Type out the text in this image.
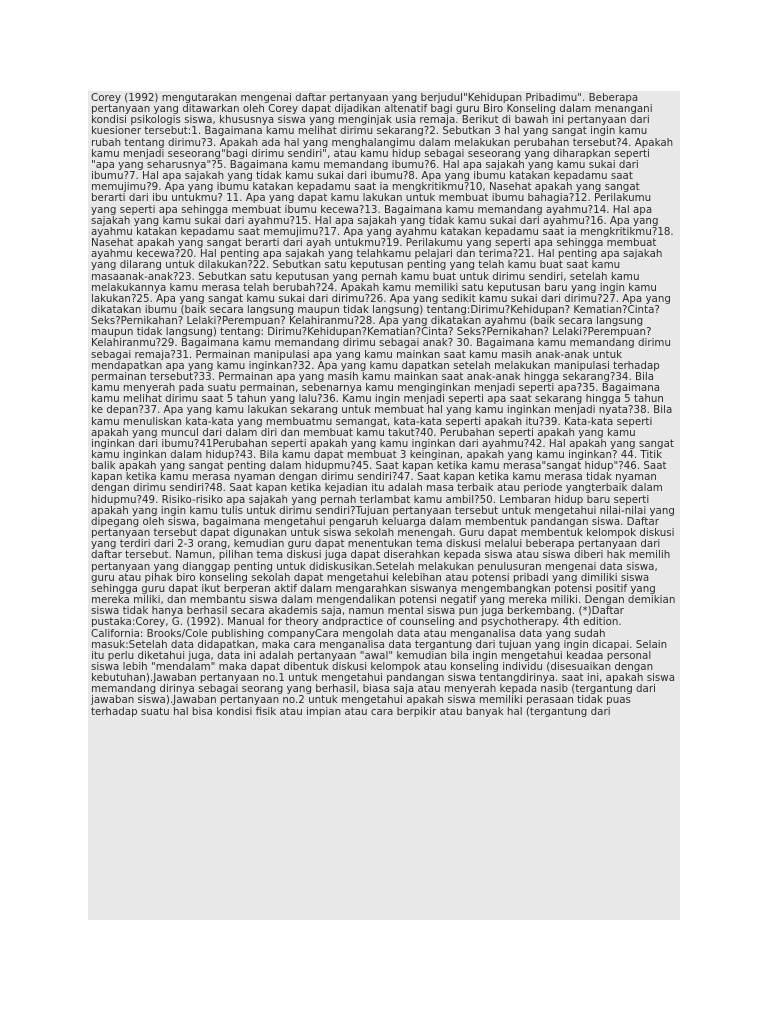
Corey (1992) mengutarakan mengenai daftar pertanyaan yang berjudul"Kehidupan Pribadimu". Beberapa pertanyaan yang ditawarkan oleh Corey dapat dijadikan altenatif bagi guru Biro Konseling dalam menangani kondisi psikologis siswa, khususnya siswa yang menginjak usia remaja. Berikut di bawah ini pertanyaan dari kuesioner tersebut:1. Bagaimana kamu melihat dirimu sekarang?2. Sebutkan 3 hal yang sangat ingin kamu rubah tentang dirimu?3. Apakah ada hal yang menghalangimu dalam melakukan perubahan tersebut?4. Apakah kamu menjadi seseorang"bagi dirimu sendiri", atau kamu hidup sebagai seseorang yang diharapkan seperti "apa yang seharusnya"?5. Bagaimana kamu memandang ibumu?6. Hal apa sajakah yang kamu sukai dari ibumu?7. Hal apa sajakah yang tidak kamu sukai dari ibumu?8. Apa yang ibumu katakan kepadamu saat memujimu?9. Apa yang ibumu katakan kepadamu saat ia mengkritikmu?10, Nasehat apakah yang sangat berarti dari ibu untukmu? 11. Apa yang dapat kamu lakukan untuk membuat ibumu bahagia?12. Perilakumu yang seperti apa sehingga membuat ibumu kecewa?13. Bagaimana kamu memandang ayahmu?14. Hal apa sajakah yang kamu sukai dari ayahmu?15. Hal apa sajakah yang tidak kamu sukai dari ayahmu?16. Apa yang ayahmu katakan kepadamu saat memujimu?17. Apa yang ayahmu katakan kepadamu saat ia mengkritikmu?18. Nasehat apakah yang sangat berarti dari ayah untukmu?19. Perilakumu yang seperti apa sehingga membuat ayahmu kecewa?20. Hal penting apa sajakah yang telahkamu pelajari dan terima?21. Hal penting apa sajakah yang dilarang untuk dilakukan?22. Sebutkan satu keputusan penting yang telah kamu buat saat kamu masaanak-anak?23. Sebutkan satu keputusan yang pernah kamu buat untuk dirimu sendiri, setelah kamu melakukannya kamu merasa telah berubah?24. Apakah kamu memiliki satu keputusan baru yang ingin kamu lakukan?25. Apa yang sangat kamu sukai dari dirimu?26. Apa yang sedikit kamu sukai dari dirimu?27. Apa yang dikatakan ibumu (baik secara langsung maupun tidak langsung) tentang:Dirimu?Kehidupan? Kematian?Cinta? Seks?Pernikahan? Lelaki?Perempuan? Kelahiranmu?28. Apa yang dikatakan ayahmu (baik secara langsung maupun tidak langsung) tentang: Dirimu?Kehidupan?Kematian?Cinta? Seks?Pernikahan? Lelaki?Perempuan? Kelahiranmu?29. Bagaimana kamu memandang dirimu sebagai anak? 30. Bagaimana kamu memandang dirimu sebagai remaja?31. Permainan manipulasi apa yang kamu mainkan saat kamu masih anak-anak untuk mendapatkan apa yang kamu inginkan?32. Apa yang kamu dapatkan setelah melakukan manipulasi terhadap permainan tersebut?33. Permainan apa yang masih kamu mainkan saat anak-anak hingga sekarang?34. Bila kamu menyerah pada suatu permainan, sebenarnya kamu menginginkan menjadi seperti apa?35. Bagaimana kamu melihat dirimu saat 5 tahun yang lalu?36. Kamu ingin menjadi seperti apa saat sekarang hingga 5 tahun ke depan?37. Apa yang kamu lakukan sekarang untuk membuat hal yang kamu inginkan menjadi nyata?38. Bila kamu menuliskan kata-kata yang membuatmu semangat, kata-kata seperti apakah itu?39. Kata-kata seperti apakah yang muncul dari dalam diri dan membuat kamu takut?40. Perubahan seperti apakah yang kamu inginkan dari ibumu?41Perubahan seperti apakah yang kamu inginkan dari ayahmu?42. Hal apakah yang sangat kamu inginkan dalam hidup?43. Bila kamu dapat membuat 3 keinginan, apakah yang kamu inginkan? 44. Titik balik apakah yang sangat penting dalam hidupmu?45. Saat kapan ketika kamu merasa"sangat hidup"?46. Saat kapan ketika kamu merasa nyaman dengan dirimu sendiri?47. Saat kapan ketika kamu merasa tidak nyaman dengan dirimu sendiri?48. Saat kapan ketika kejadian itu adalah masa terbaik atau periode yangterbaik dalam hidupmu?49. Risiko-risiko apa sajakah yang pernah terlambat kamu ambil?50. Lembaran hidup baru seperti apakah yang ingin kamu tulis untuk dirimu sendiri?Tujuan pertanyaan tersebut untuk mengetahui nilai-nilai yang dipegang oleh siswa, bagaimana mengetahui pengaruh keluarga dalam membentuk pandangan siswa. Daftar pertanyaan tersebut dapat digunakan untuk siswa sekolah menengah. Guru dapat membentuk kelompok diskusi yang terdiri dari 2-3 orang, kemudian guru dapat menentukan tema diskusi melalui beberapa pertanyaan dari daftar tersebut. Namun, pilihan tema diskusi juga dapat diserahkan kepada siswa atau siswa diberi hak memilih pertanyaan yang dianggap penting untuk didiskusikan.Setelah melakukan penulusuran mengenai data siswa, guru atau pihak biro konseling sekolah dapat mengetahui kelebihan atau potensi pribadi yang dimiliki siswa sehingga guru dapat ikut berperan aktif dalam mengarahkan siswanya mengembangkan potensi positif yang mereka miliki, dan membantu siswa dalam mengendalikan potensi negatif yang mereka miliki. Dengan demikian siswa tidak hanya berhasil secara akademis saja, namun mental siswa pun juga berkembang. (*)Daftar pustaka:Corey, G. (1992). Manual for theory andpractice of counseling and psychotherapy. 4th edition. California: Brooks/Cole publishing companyCara mengolah data atau menganalisa data yang sudah masuk:Setelah data didapatkan, maka cara menganalisa data tergantung dari tujuan yang ingin dicapai. Selain itu perlu diketahui juga, data ini adalah pertanyaan "awal" kemudian bila ingin mengetahui keadaa personal siswa lebih "mendalam" maka dapat dibentuk diskusi kelompok atau konseling individu (disesuaikan dengan kebutuhan).Jawaban pertanyaan no.1 untuk mengetahui pandangan siswa tentangdirinya. saat ini, apakah siswa memandang dirinya sebagai seorang yang berhasil, biasa saja atau menyerah kepada nasib (tergantung dari jawaban siswa).Jawaban pertanyaan no.2 untuk mengetahui apakah siswa memiliki perasaan tidak puas terhadap suatu hal bisa kondisi fisik atau impian atau cara berpikir atau banyak hal (tergantung dari
